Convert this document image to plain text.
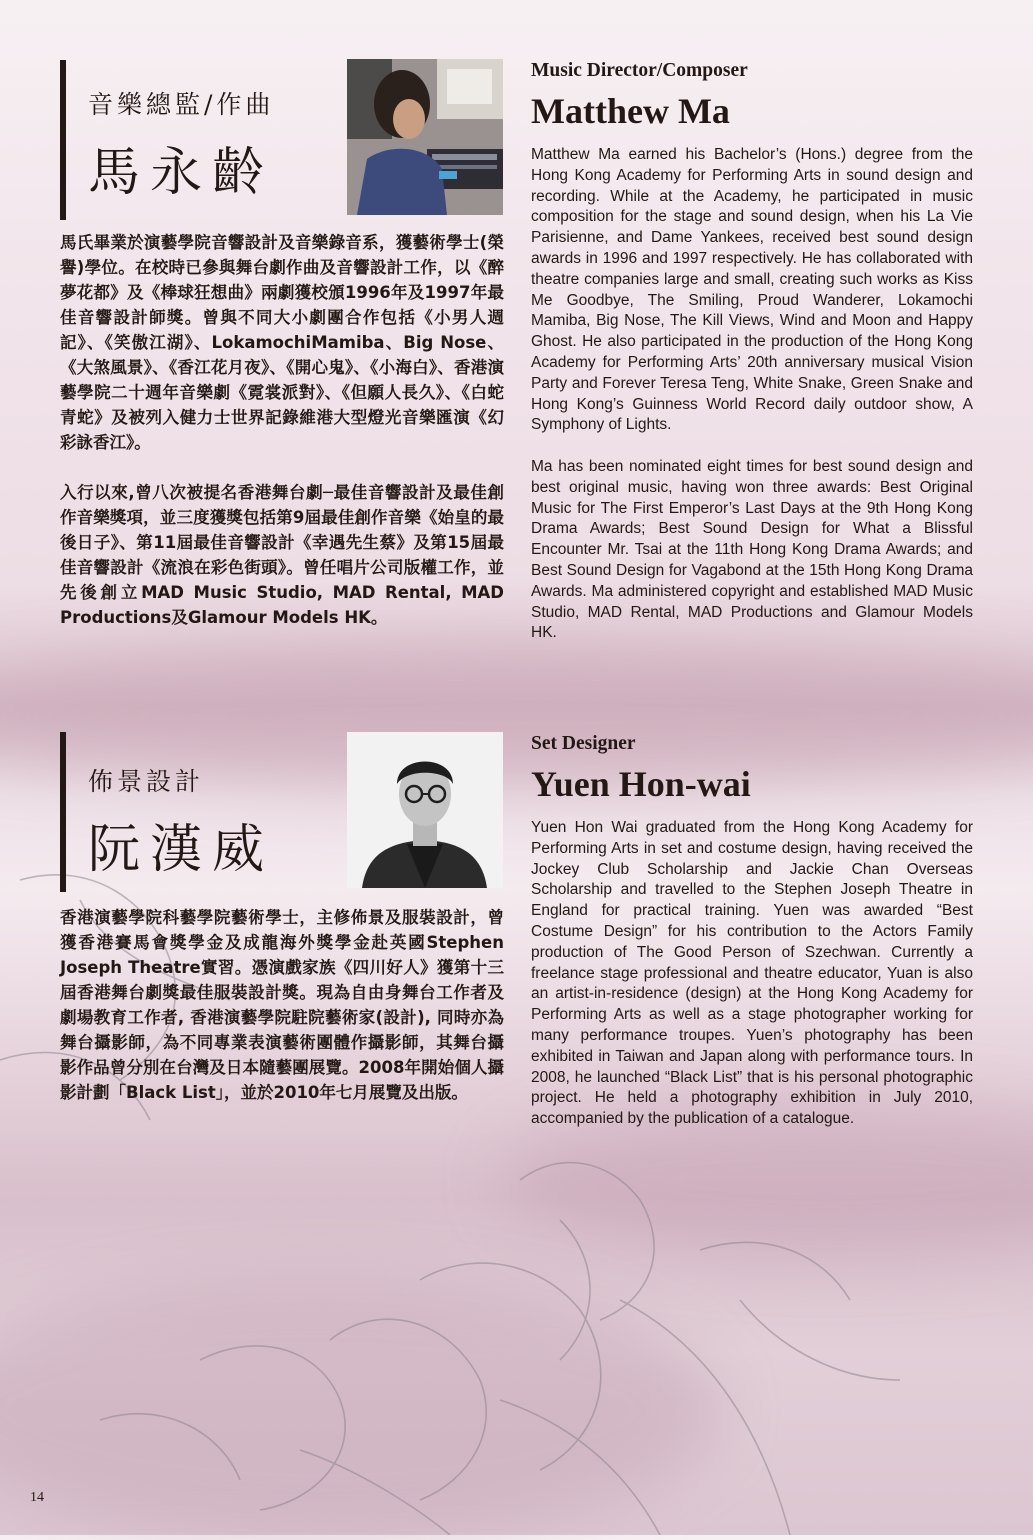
音樂總監/作曲
馬永齡

馬氏畢業於演藝學院音響設計及音樂錄音系，獲藝術學士(榮譽)學位。在校時已參與舞台劇作曲及音響設計工作，以《醉夢花都》及《棒球狂想曲》兩劇獲校頒1996年及1997年最佳音響設計師獎。曾與不同大小劇團合作包括《小男人週記》、《笑傲江湖》、LokamochiMamiba、Big Nose、《大煞風景》、《香江花月夜》、《開心鬼》、《小海白》、香港演藝學院二十週年音樂劇《霓裳派對》、《但願人長久》、《白蛇青蛇》及被列入健力士世界記錄維港大型燈光音樂匯演《幻彩詠香江》。

入行以來,曾八次被提名香港舞台劇─最佳音響設計及最佳創作音樂獎項，並三度獲獎包括第9屆最佳創作音樂《始皇的最後日子》、第11屆最佳音響設計《幸遇先生蔡》及第15屆最佳音響設計《流浪在彩色街頭》。曾任唱片公司版權工作，並先後創立MAD Music Studio, MAD Rental, MAD Productions及Glamour Models HK。

Music Director/Composer
Matthew Ma

Matthew Ma earned his Bachelor’s (Hons.) degree from the Hong Kong Academy for Performing Arts in sound design and recording. While at the Academy, he participated in music composition for the stage and sound design, when his La Vie Parisienne, and Dame Yankees, received best sound design awards in 1996 and 1997 respectively. He has collaborated with theatre companies large and small, creating such works as Kiss Me Goodbye, The Smiling, Proud Wanderer, Lokamochi Mamiba, Big Nose, The Kill Views, Wind and Moon and Happy Ghost. He also participated in the production of the Hong Kong Academy for Performing Arts’ 20th anniversary musical Vision Party and Forever Teresa Teng, White Snake, Green Snake and Hong Kong’s Guinness World Record daily outdoor show, A Symphony of Lights.

Ma has been nominated eight times for best sound design and best original music, having won three awards: Best Original Music for The First Emperor’s Last Days at the 9th Hong Kong Drama Awards; Best Sound Design for What a Blissful Encounter Mr. Tsai at the 11th Hong Kong Drama Awards; and Best Sound Design for Vagabond at the 15th Hong Kong Drama Awards. Ma administered copyright and established MAD Music Studio, MAD Rental, MAD Productions and Glamour Models HK.

佈景設計
阮漢威

香港演藝學院科藝學院藝術學士，主修佈景及服裝設計，曾獲香港賽馬會獎學金及成龍海外獎學金赴英國Stephen Joseph Theatre實習。憑演戲家族《四川好人》獲第十三屆香港舞台劇獎最佳服裝設計獎。現為自由身舞台工作者及劇場教育工作者, 香港演藝學院駐院藝術家(設計), 同時亦為舞台攝影師，為不同專業表演藝術團體作攝影師，其舞台攝影作品曾分別在台灣及日本隨藝團展覽。2008年開始個人攝影計劃「Black List」，並於2010年七月展覽及出版。

Set Designer
Yuen Hon-wai

Yuen Hon Wai graduated from the Hong Kong Academy for Performing Arts in set and costume design, having received the Jockey Club Scholarship and Jackie Chan Overseas Scholarship and travelled to the Stephen Joseph Theatre in England for practical training. Yuen was awarded “Best Costume Design” for his contribution to the Actors Family production of The Good Person of Szechwan. Currently a freelance stage professional and theatre educator, Yuan is also an artist-in-residence (design) at the Hong Kong Academy for Performing Arts as well as a stage photographer working for many performance troupes. Yuen’s photography has been exhibited in Taiwan and Japan along with performance tours. In 2008, he launched “Black List” that is his personal photographic project. He held a photography exhibition in July 2010, accompanied by the publication of a catalogue.

14
